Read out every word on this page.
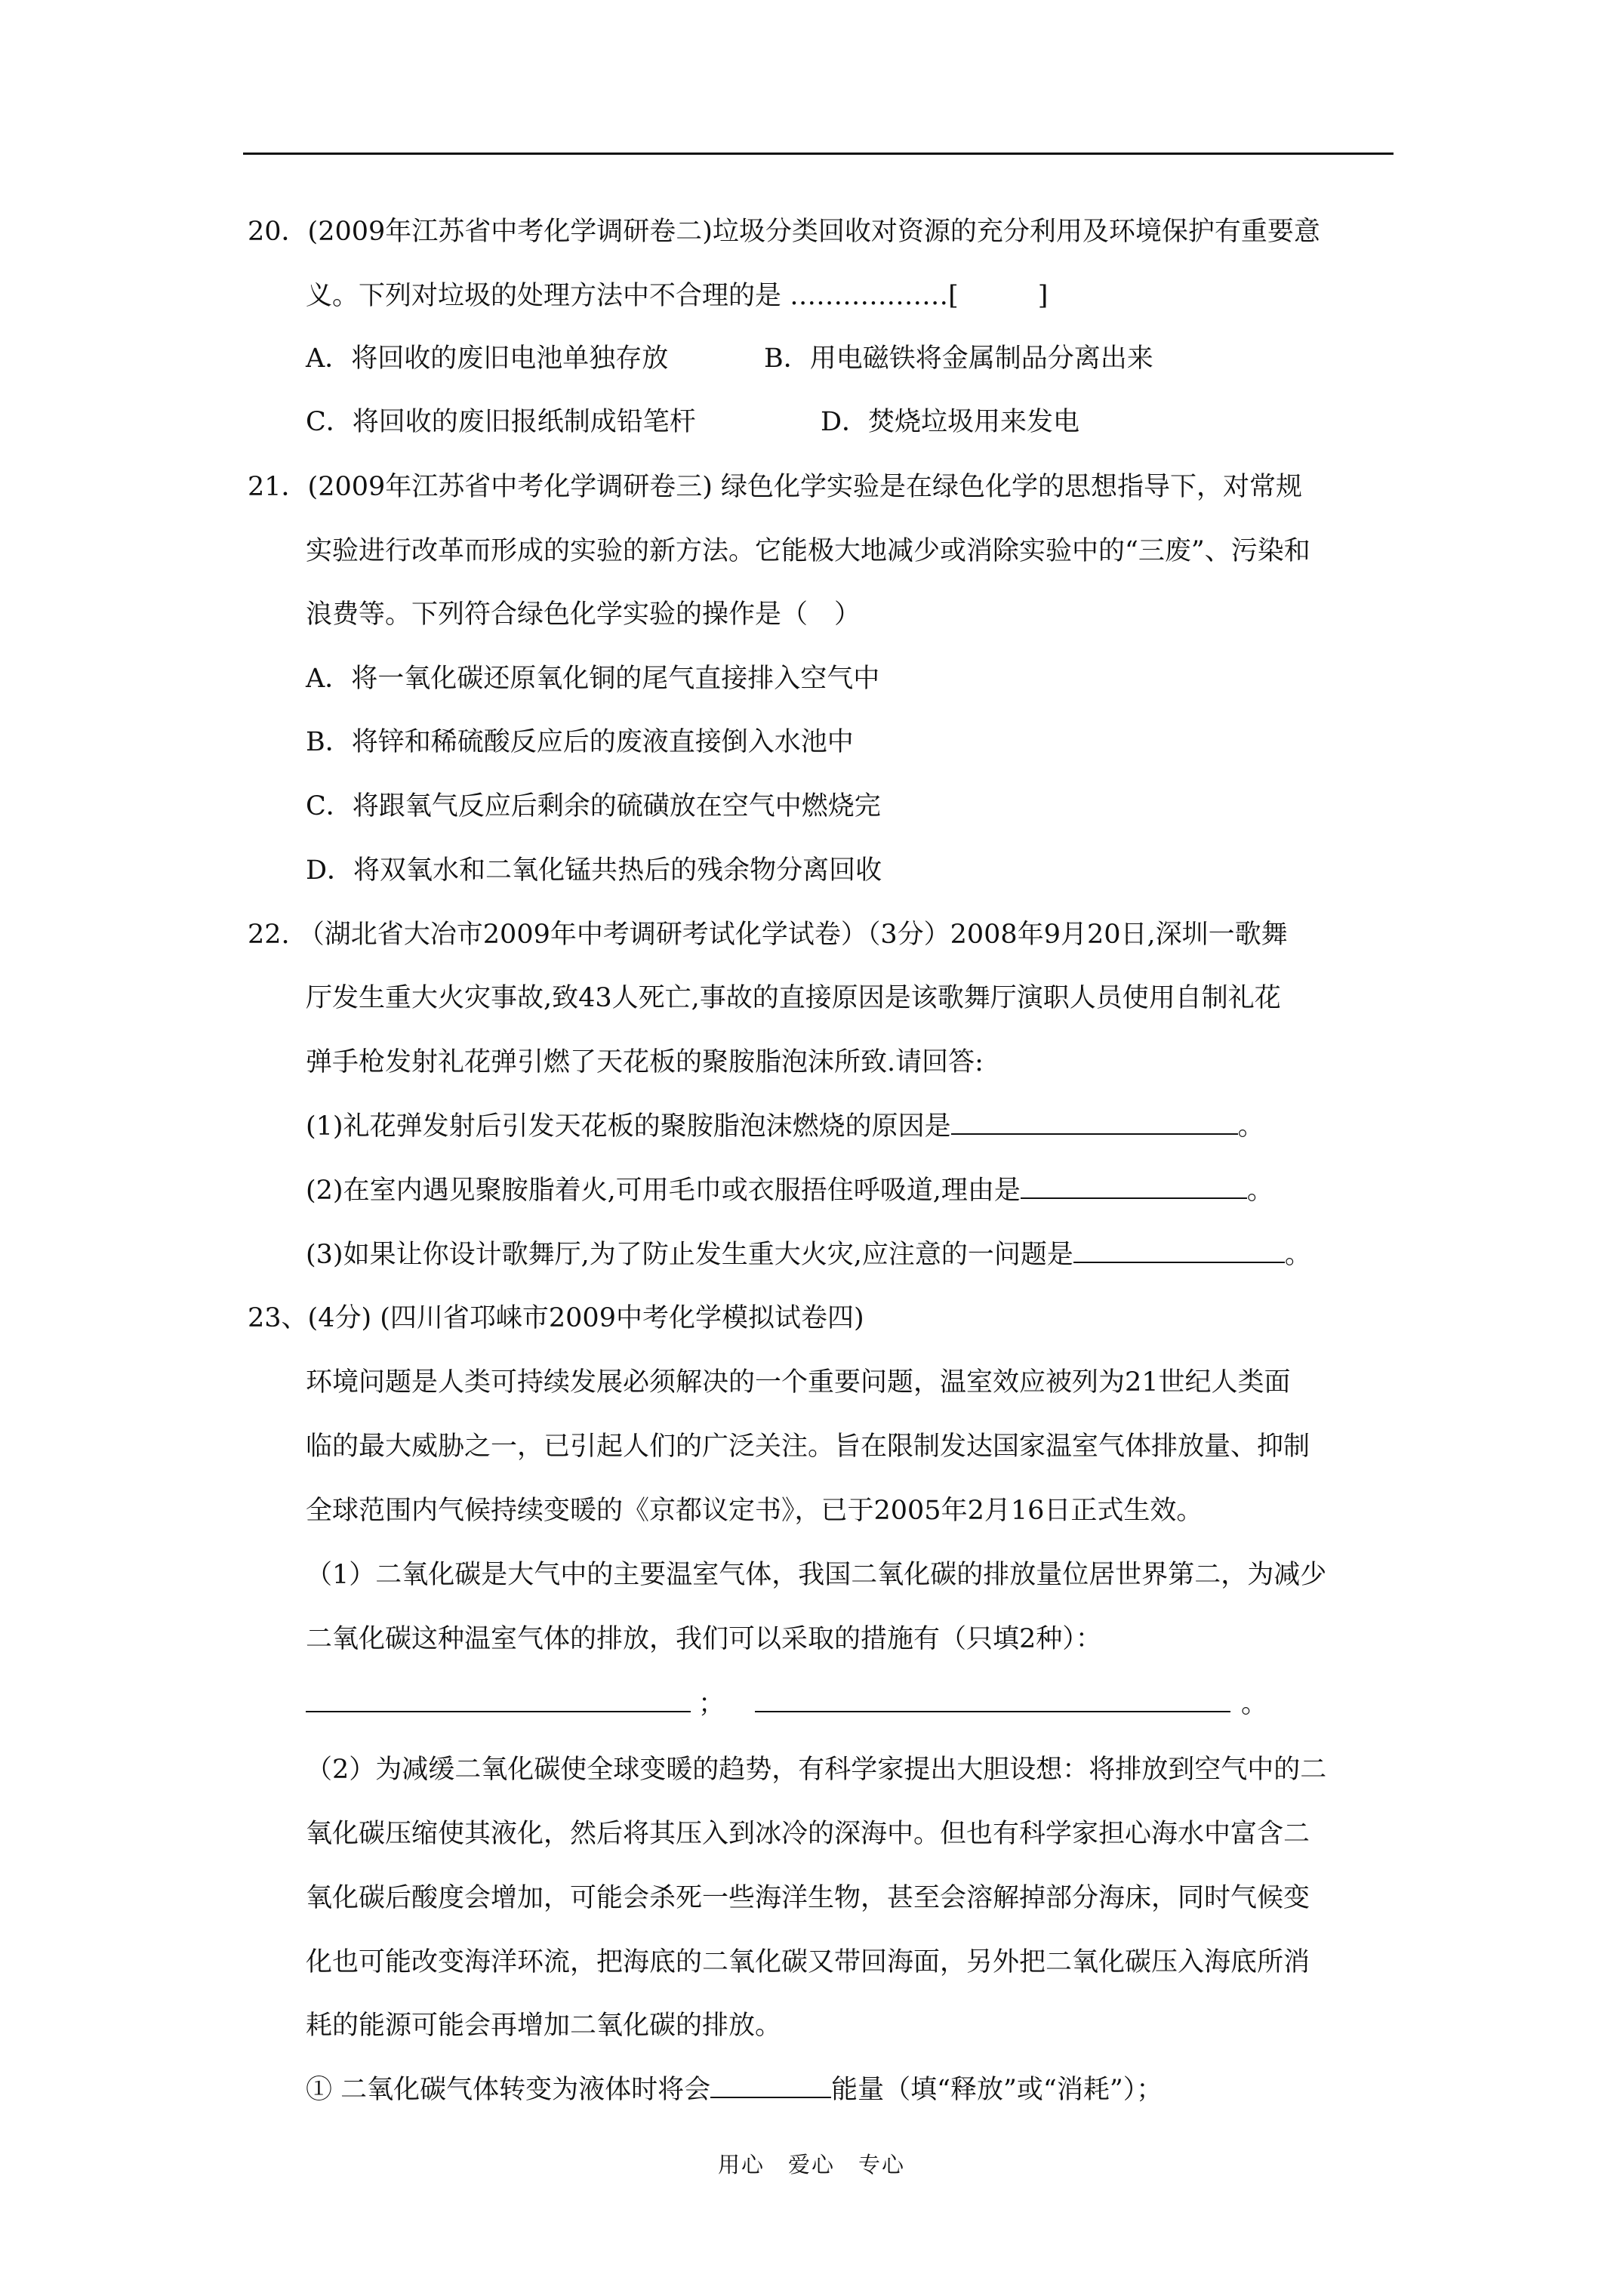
20．(2009年江苏省中考化学调研卷二)垃圾分类回收对资源的充分利用及环境保护有重要意
义。下列对垃圾的处理方法中不合理的是 ………………[　　　]
A．将回收的废旧电池单独存放	B．用电磁铁将金属制品分离出来
C．将回收的废旧报纸制成铅笔杆	D．焚烧垃圾用来发电
21．(2009年江苏省中考化学调研卷三) 绿色化学实验是在绿色化学的思想指导下，对常规
实验进行改革而形成的实验的新方法。它能极大地减少或消除实验中的“三废”、污染和
浪费等。下列符合绿色化学实验的操作是（　）
A．将一氧化碳还原氧化铜的尾气直接排入空气中
B．将锌和稀硫酸反应后的废液直接倒入水池中
C．将跟氧气反应后剩余的硫磺放在空气中燃烧完
D．将双氧水和二氧化锰共热后的残余物分离回收
22. （湖北省大冶市2009年中考调研考试化学试卷）（3分）2008年9月20日,深圳一歌舞
厅发生重大火灾事故,致43人死亡,事故的直接原因是该歌舞厅演职人员使用自制礼花
弹手枪发射礼花弹引燃了天花板的聚胺脂泡沫所致.请回答:
(1)礼花弹发射后引发天花板的聚胺脂泡沫燃烧的原因是	。
(2)在室内遇见聚胺脂着火,可用毛巾或衣服捂住呼吸道,理由是	。
(3)如果让你设计歌舞厅,为了防止发生重大火灾,应注意的一问题是	。
23、(4分) (四川省邛崃市2009中考化学模拟试卷四)
环境问题是人类可持续发展必须解决的一个重要问题，温室效应被列为21世纪人类面
临的最大威胁之一，已引起人们的广泛关注。旨在限制发达国家温室气体排放量、抑制
全球范围内气候持续变暖的《京都议定书》，已于2005年2月16日正式生效。
（1）二氧化碳是大气中的主要温室气体，我国二氧化碳的排放量位居世界第二，为减少
二氧化碳这种温室气体的排放，我们可以采取的措施有（只填2种）：
；	。
（2）为减缓二氧化碳使全球变暖的趋势，有科学家提出大胆设想：将排放到空气中的二
氧化碳压缩使其液化，然后将其压入到冰冷的深海中。但也有科学家担心海水中富含二
氧化碳后酸度会增加，可能会杀死一些海洋生物，甚至会溶解掉部分海床，同时气候变
化也可能改变海洋环流，把海底的二氧化碳又带回海面，另外把二氧化碳压入海底所消
耗的能源可能会再增加二氧化碳的排放。
① 二氧化碳气体转变为液体时将会	能量（填“释放”或“消耗”）；
用心　爱心　专心
